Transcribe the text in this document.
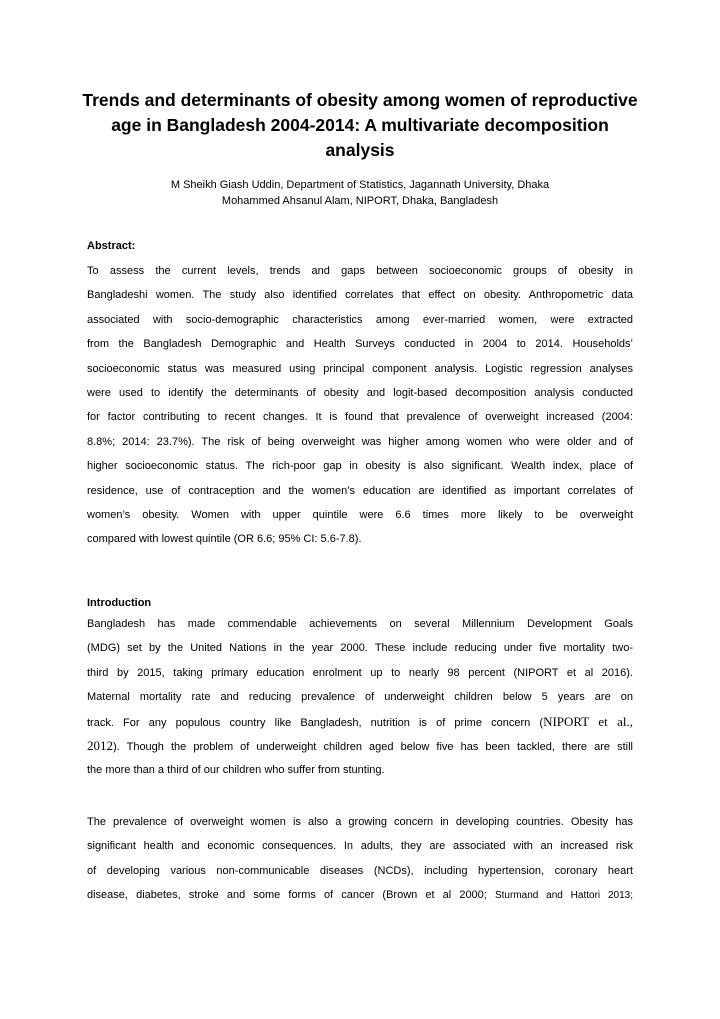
Trends and determinants of obesity among women of reproductive age in Bangladesh 2004-2014: A multivariate decomposition analysis
M Sheikh Giash Uddin, Department of Statistics, Jagannath University, Dhaka
Mohammed Ahsanul Alam, NIPORT, Dhaka, Bangladesh
Abstract:
To assess the current levels, trends and gaps between socioeconomic groups of obesity in
Bangladeshi women. The study also identified correlates that effect on obesity. Anthropometric data
associated with socio-demographic characteristics among ever-married women, were extracted
from the Bangladesh Demographic and Health Surveys conducted in 2004 to 2014. Households’
socioeconomic status was measured using principal component analysis. Logistic regression analyses
were used to identify the determinants of obesity and logit-based decomposition analysis conducted
for factor contributing to recent changes. It is found that prevalence of overweight increased (2004:
8.8%; 2014: 23.7%). The risk of being overweight was higher among women who were older and of
higher socioeconomic status. The rich-poor gap in obesity is also significant. Wealth index, place of
residence, use of contraception and the women’s education are identified as important correlates of
women’s obesity. Women with upper quintile were 6.6 times more likely to be overweight
compared with lowest quintile (OR 6.6; 95% CI: 5.6-7.8).
Introduction
Bangladesh has made commendable achievements on several Millennium Development Goals
(MDG) set by the United Nations in the year 2000. These include reducing under five mortality two-
third by 2015, taking primary education enrolment up to nearly 98 percent (NIPORT et al 2016).
Maternal mortality rate and reducing prevalence of underweight children below 5 years are on
track. For any populous country like Bangladesh, nutrition is of prime concern (NIPORT et al.,
2012). Though the problem of underweight children aged below five has been tackled, there are still
the more than a third of our children who suffer from stunting.
The prevalence of overweight women is also a growing concern in developing countries. Obesity has
significant health and economic consequences. In adults, they are associated with an increased risk
of developing various non-communicable diseases (NCDs), including hypertension, coronary heart
disease, diabetes, stroke and some forms of cancer (Brown et al 2000; Sturmand and Hattori 2013;
